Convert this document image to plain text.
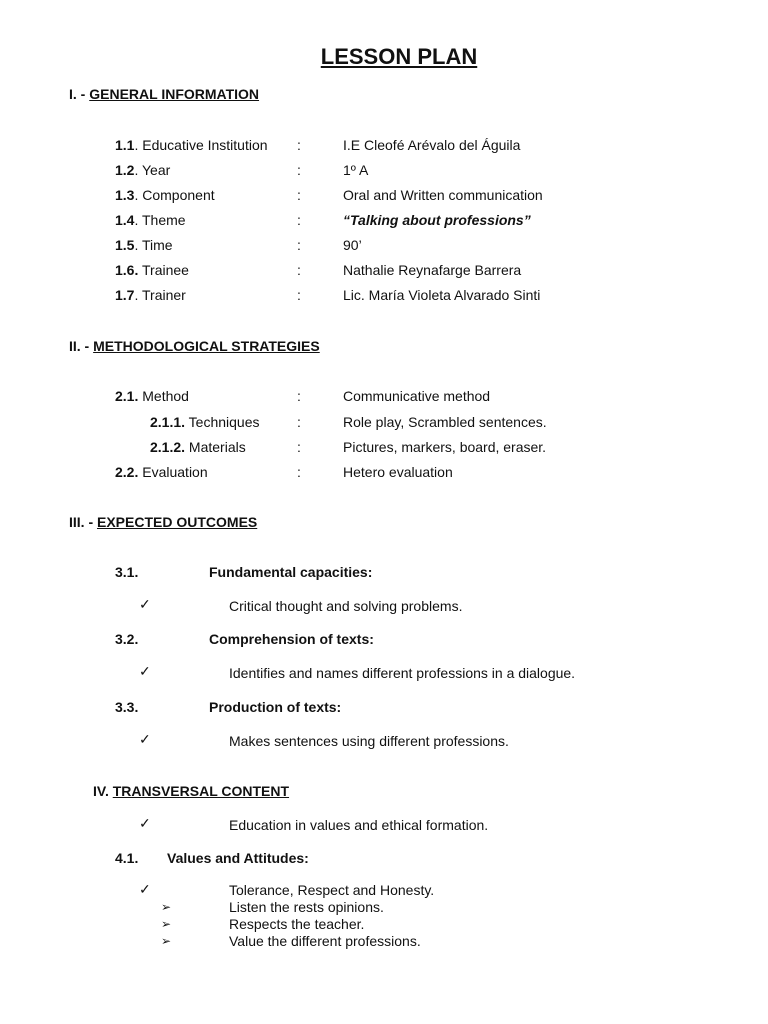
LESSON PLAN
I. - GENERAL INFORMATION
1.1. Educative Institution :	I.E Cleofé Arévalo del Águila
1.2. Year	:	1º A
1.3. Component	:	Oral and Written communication
1.4. Theme	:	“Talking about professions”
1.5. Time	:	90’
1.6. Trainee	:	Nathalie Reynafarge Barrera
1.7. Trainer	:	Lic. María Violeta Alvarado Sinti
II. - METHODOLOGICAL STRATEGIES
2.1. Method	:	Communicative method
2.1.1. Techniques	:	Role play, Scrambled sentences.
2.1.2. Materials	:	Pictures, markers, board, eraser.
2.2. Evaluation	:	Hetero evaluation
III. - EXPECTED OUTCOMES
3.1.	Fundamental capacities:
✓	Critical thought and solving problems.
3.2.	Comprehension of texts:
✓	Identifies and names different professions in a dialogue.
3.3.	Production of texts:
✓	Makes sentences using different professions.
IV. TRANSVERSAL CONTENT
✓	Education in values and ethical formation.
4.1. Values and Attitudes:
✓	Tolerance, Respect and Honesty.
➢	Listen the rests opinions.
➢	Respects the teacher.
➢	Value the different professions.
